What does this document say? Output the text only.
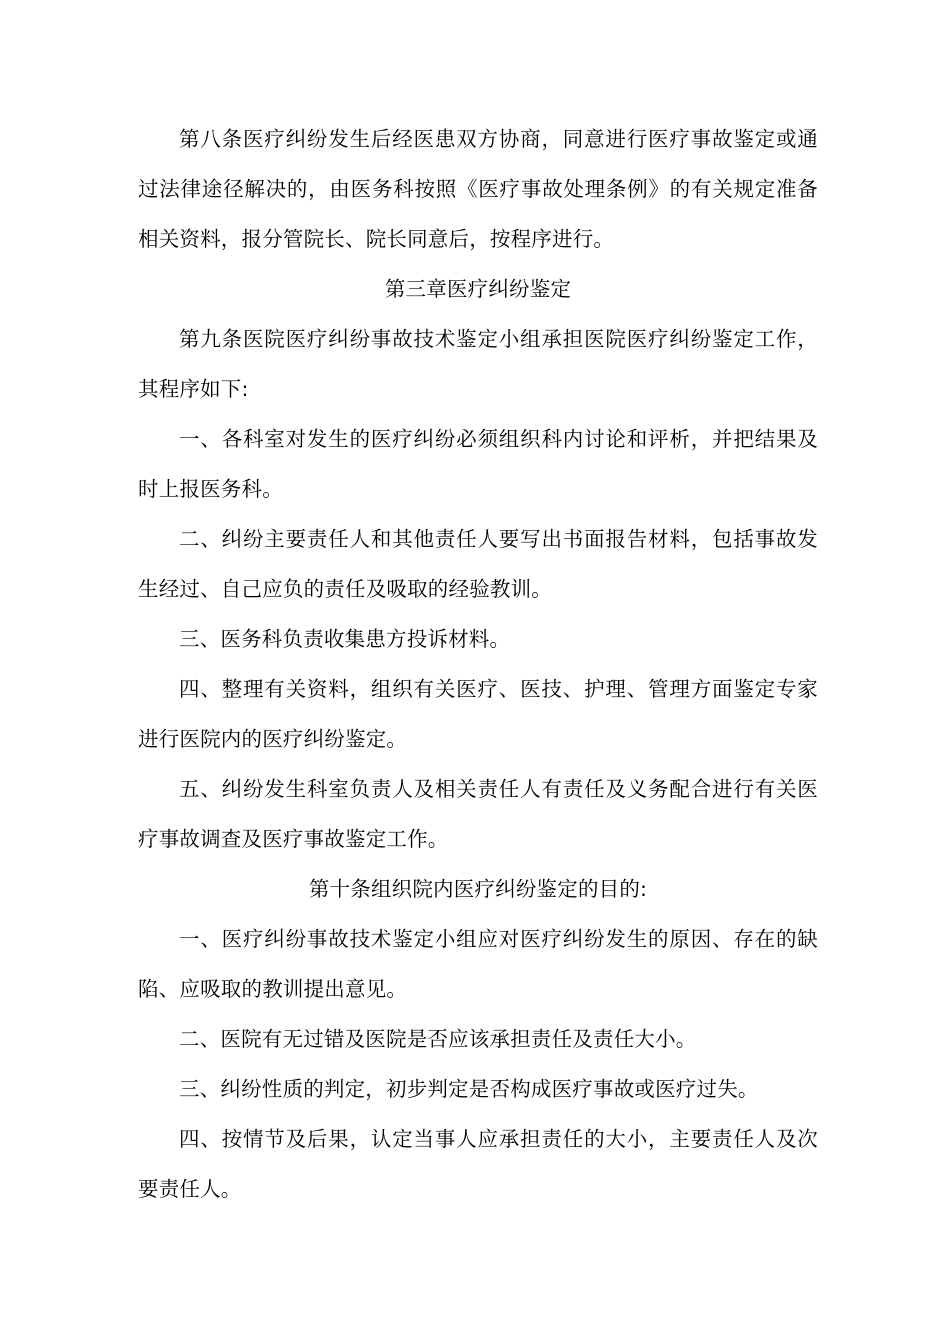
第八条医疗纠纷发生后经医患双方协商，同意进行医疗事故鉴定或通过法律途径解决的，由医务科按照《医疗事故处理条例》的有关规定准备相关资料，报分管院长、院长同意后，按程序进行。

第三章医疗纠纷鉴定

第九条医院医疗纠纷事故技术鉴定小组承担医院医疗纠纷鉴定工作，其程序如下:

一、各科室对发生的医疗纠纷必须组织科内讨论和评析，并把结果及时上报医务科。

二、纠纷主要责任人和其他责任人要写出书面报告材料，包括事故发生经过、自己应负的责任及吸取的经验教训。

三、医务科负责收集患方投诉材料。

四、整理有关资料，组织有关医疗、医技、护理、管理方面鉴定专家进行医院内的医疗纠纷鉴定。

五、纠纷发生科室负责人及相关责任人有责任及义务配合进行有关医疗事故调查及医疗事故鉴定工作。

第十条组织院内医疗纠纷鉴定的目的:

一、医疗纠纷事故技术鉴定小组应对医疗纠纷发生的原因、存在的缺陷、应吸取的教训提出意见。

二、医院有无过错及医院是否应该承担责任及责任大小。

三、纠纷性质的判定，初步判定是否构成医疗事故或医疗过失。

四、按情节及后果，认定当事人应承担责任的大小，主要责任人及次要责任人。
